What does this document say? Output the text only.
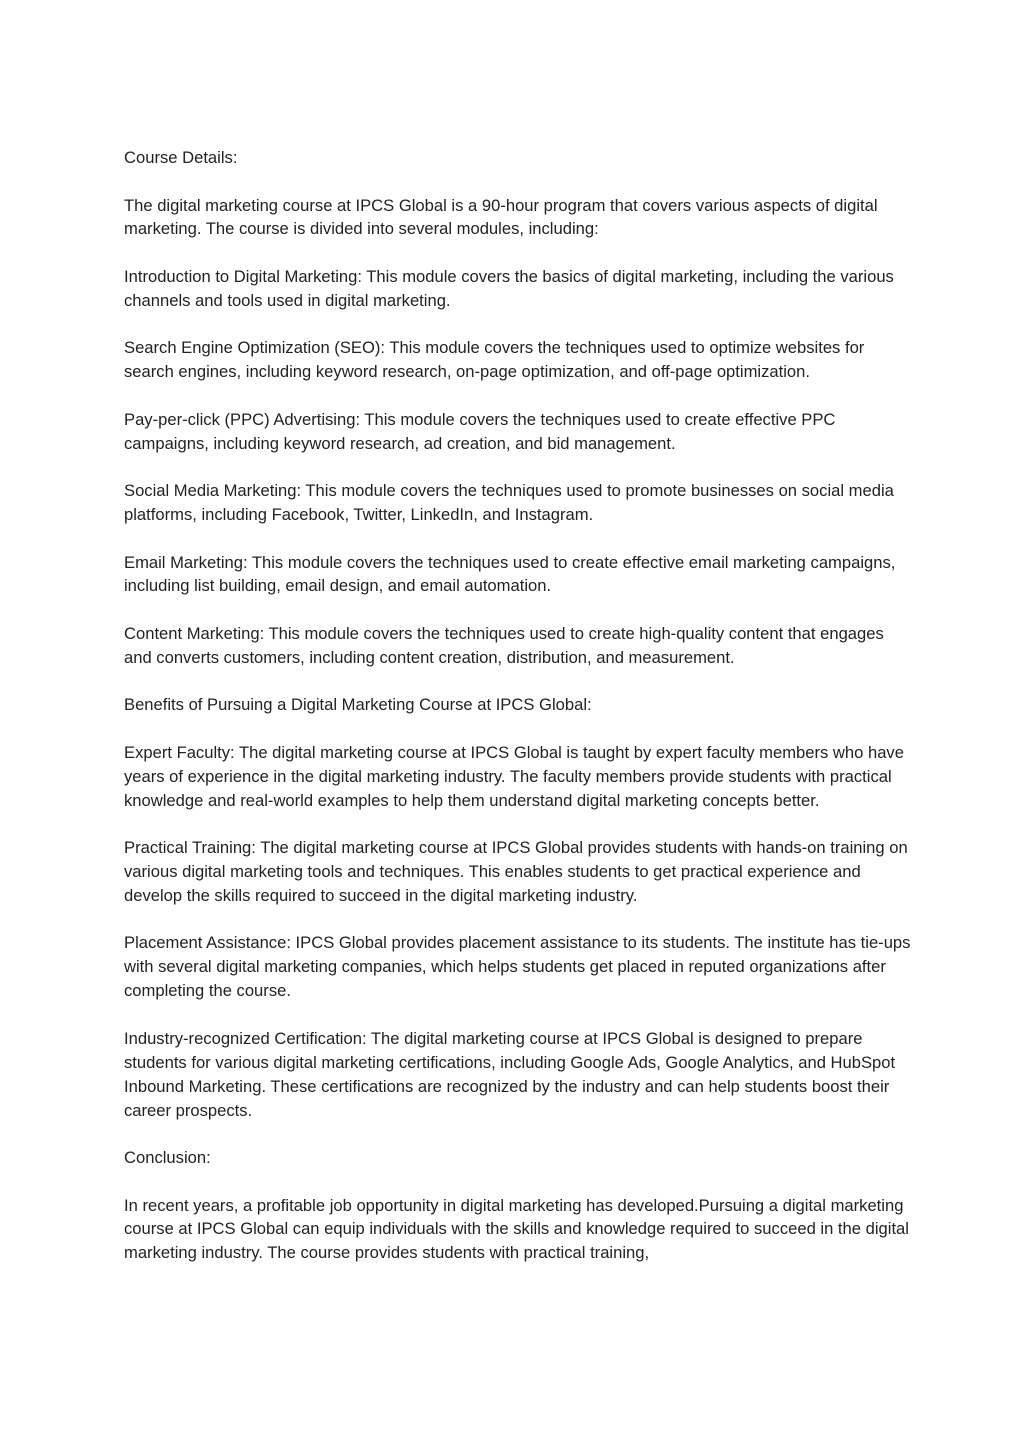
Course Details:

The digital marketing course at IPCS Global is a 90-hour program that covers various aspects of digital marketing. The course is divided into several modules, including:

Introduction to Digital Marketing: This module covers the basics of digital marketing, including the various channels and tools used in digital marketing.

Search Engine Optimization (SEO): This module covers the techniques used to optimize websites for search engines, including keyword research, on-page optimization, and off-page optimization.

Pay-per-click (PPC) Advertising: This module covers the techniques used to create effective PPC campaigns, including keyword research, ad creation, and bid management.

Social Media Marketing: This module covers the techniques used to promote businesses on social media platforms, including Facebook, Twitter, LinkedIn, and Instagram.

Email Marketing: This module covers the techniques used to create effective email marketing campaigns, including list building, email design, and email automation.

Content Marketing: This module covers the techniques used to create high-quality content that engages and converts customers, including content creation, distribution, and measurement.

Benefits of Pursuing a Digital Marketing Course at IPCS Global:

Expert Faculty: The digital marketing course at IPCS Global is taught by expert faculty members who have years of experience in the digital marketing industry. The faculty members provide students with practical knowledge and real-world examples to help them understand digital marketing concepts better.

Practical Training: The digital marketing course at IPCS Global provides students with hands-on training on various digital marketing tools and techniques. This enables students to get practical experience and develop the skills required to succeed in the digital marketing industry.

Placement Assistance: IPCS Global provides placement assistance to its students. The institute has tie-ups with several digital marketing companies, which helps students get placed in reputed organizations after completing the course.

Industry-recognized Certification: The digital marketing course at IPCS Global is designed to prepare students for various digital marketing certifications, including Google Ads, Google Analytics, and HubSpot Inbound Marketing. These certifications are recognized by the industry and can help students boost their career prospects.

Conclusion:

In recent years, a profitable job opportunity in digital marketing has developed.Pursuing a digital marketing course at IPCS Global can equip individuals with the skills and knowledge required to succeed in the digital marketing industry. The course provides students with practical training,
